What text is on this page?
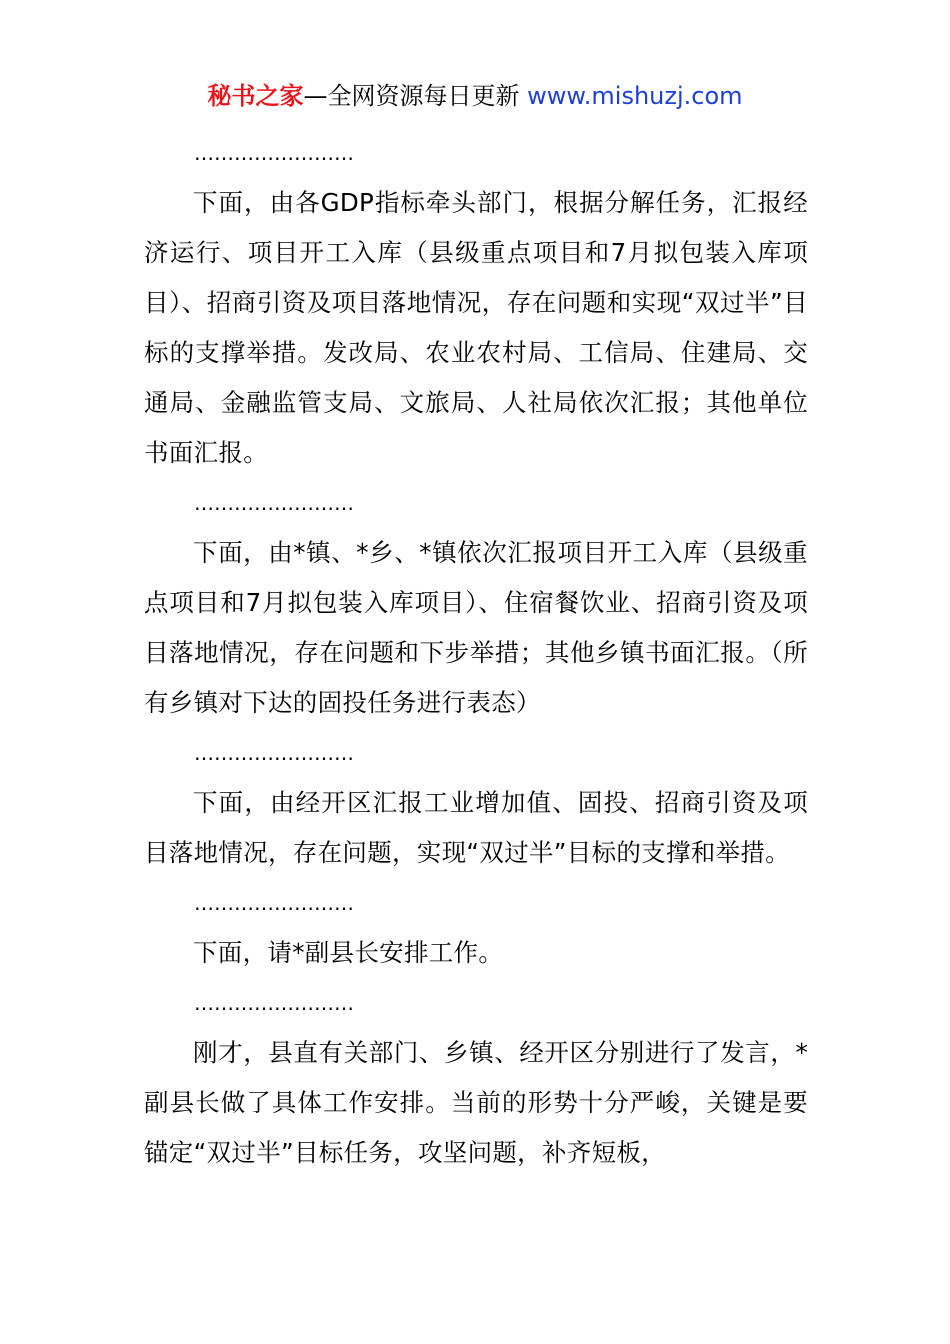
秘书之家—全网资源每日更新 www.mishuzj.com

……………………

下面，由各GDP指标牵头部门，根据分解任务，汇报经济运行、项目开工入库（县级重点项目和7月拟包装入库项目）、招商引资及项目落地情况，存在问题和实现“双过半”目标的支撑举措。发改局、农业农村局、工信局、住建局、交通局、金融监管支局、文旅局、人社局依次汇报；其他单位书面汇报。

……………………

下面，由*镇、*乡、*镇依次汇报项目开工入库（县级重点项目和7月拟包装入库项目）、住宿餐饮业、招商引资及项目落地情况，存在问题和下步举措；其他乡镇书面汇报。（所有乡镇对下达的固投任务进行表态）

……………………

下面，由经开区汇报工业增加值、固投、招商引资及项目落地情况，存在问题，实现“双过半”目标的支撑和举措。

……………………

下面，请*副县长安排工作。

……………………

刚才，县直有关部门、乡镇、经开区分别进行了发言，*副县长做了具体工作安排。当前的形势十分严峻，关键是要锚定“双过半”目标任务，攻坚问题，补齐短板，
